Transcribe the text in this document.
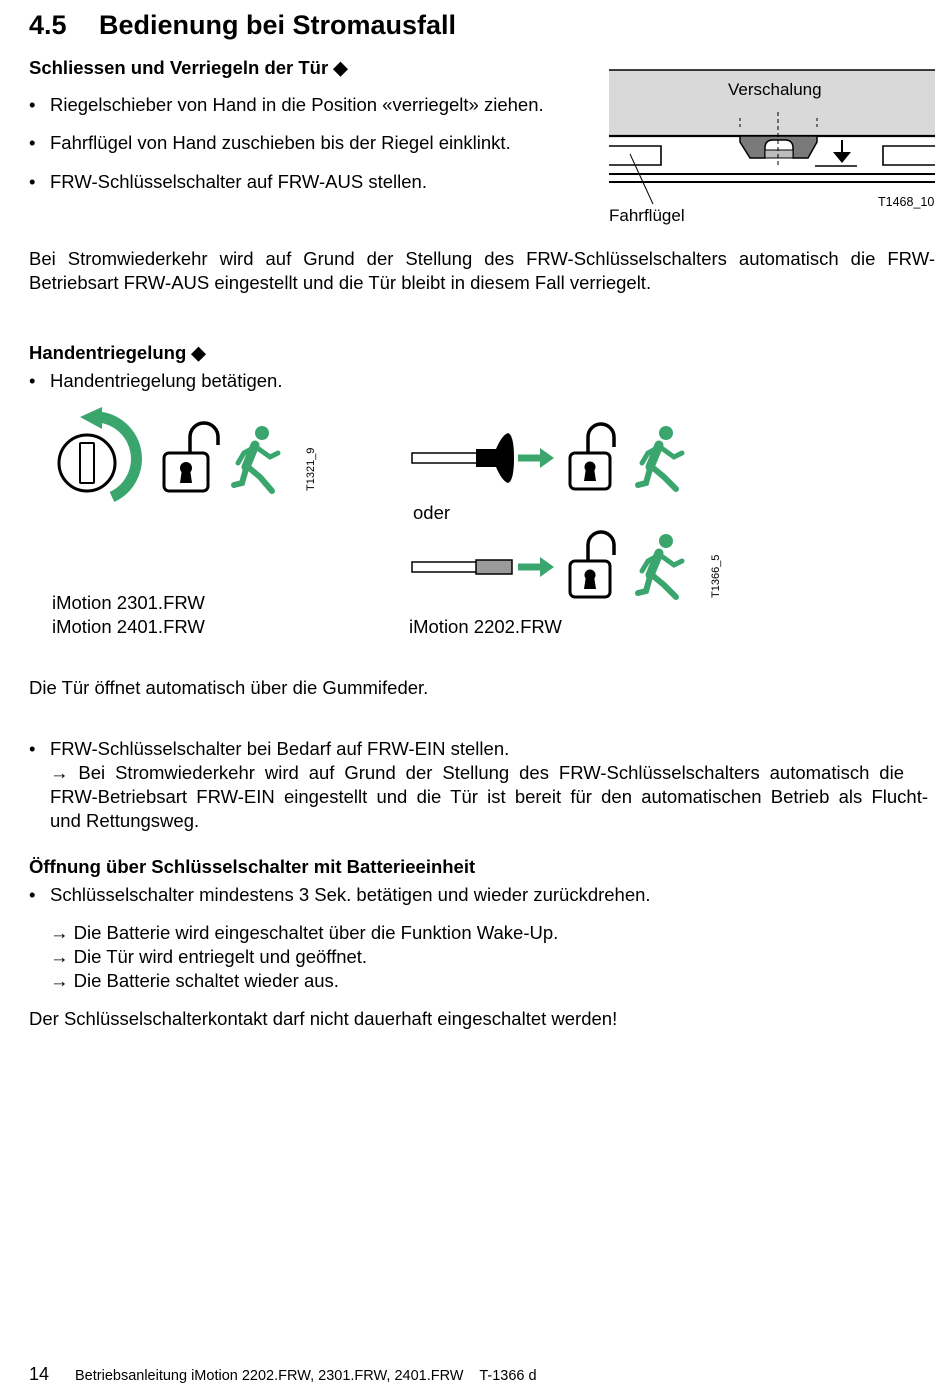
4.5 Bedienung bei Stromausfall
Schliessen und Verriegeln der Tür ◆
• Riegelschieber von Hand in die Position «verriegelt» ziehen.
• Fahrflügel von Hand zuschieben bis der Riegel einklinkt.
• FRW-Schlüsselschalter auf FRW-AUS stellen.
Verschalung
Fahrflügel
T1468_10
Bei Stromwiederkehr wird auf Grund der Stellung des FRW-Schlüsselschalters automatisch die FRW-
Betriebsart FRW-AUS eingestellt und die Tür bleibt in diesem Fall verriegelt.
Handentriegelung ◆
• Handentriegelung betätigen.
T1321_9
oder
T1366_5
iMotion 2301.FRW
iMotion 2401.FRW	iMotion 2202.FRW
Die Tür öffnet automatisch über die Gummifeder.
• FRW-Schlüsselschalter bei Bedarf auf FRW-EIN stellen.
→ Bei Stromwiederkehr wird auf Grund der Stellung des FRW-Schlüsselschalters automatisch die
FRW-Betriebsart FRW-EIN eingestellt und die Tür ist bereit für den automatischen Betrieb als Flucht-
und Rettungsweg.
Öffnung über Schlüsselschalter mit Batterieeinheit
• Schlüsselschalter mindestens 3 Sek. betätigen und wieder zurückdrehen.
→ Die Batterie wird eingeschaltet über die Funktion Wake-Up.
→ Die Tür wird entriegelt und geöffnet.
→ Die Batterie schaltet wieder aus.
Der Schlüsselschalterkontakt darf nicht dauerhaft eingeschaltet werden!
14 Betriebsanleitung iMotion 2202.FRW, 2301.FRW, 2401.FRW    T-1366 d
